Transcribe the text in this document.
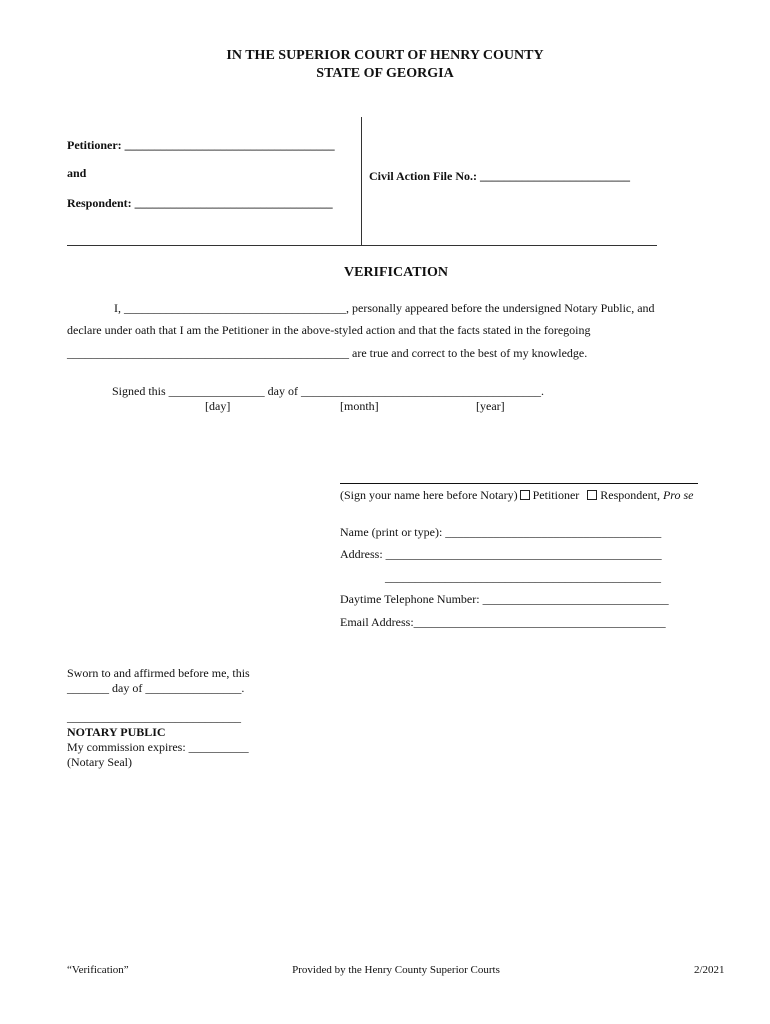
IN THE SUPERIOR COURT OF HENRY COUNTY
STATE OF GEORGIA
Petitioner: ___________________________________
and
Respondent: _________________________________
Civil Action File No.: _________________________
VERIFICATION
I, _____________________________________, personally appeared before the undersigned Notary Public, and
declare under oath that I am the Petitioner in the above-styled action and that the facts stated in the foregoing
_______________________________________________ are true and correct to the best of my knowledge.
Signed this ________________ day of ________________________________________.
[day]	[month]	[year]
(Sign your name here before Notary) Petitioner Respondent, Pro se
Name (print or type): ____________________________________
Address: ______________________________________________
______________________________________________
Daytime Telephone Number: _______________________________
Email Address:__________________________________________
Sworn to and affirmed before me, this
_______ day of ________________.
_____________________________
NOTARY PUBLIC
My commission expires: __________
(Notary Seal)
“Verification”	Provided by the Henry County Superior Courts	2/2021
